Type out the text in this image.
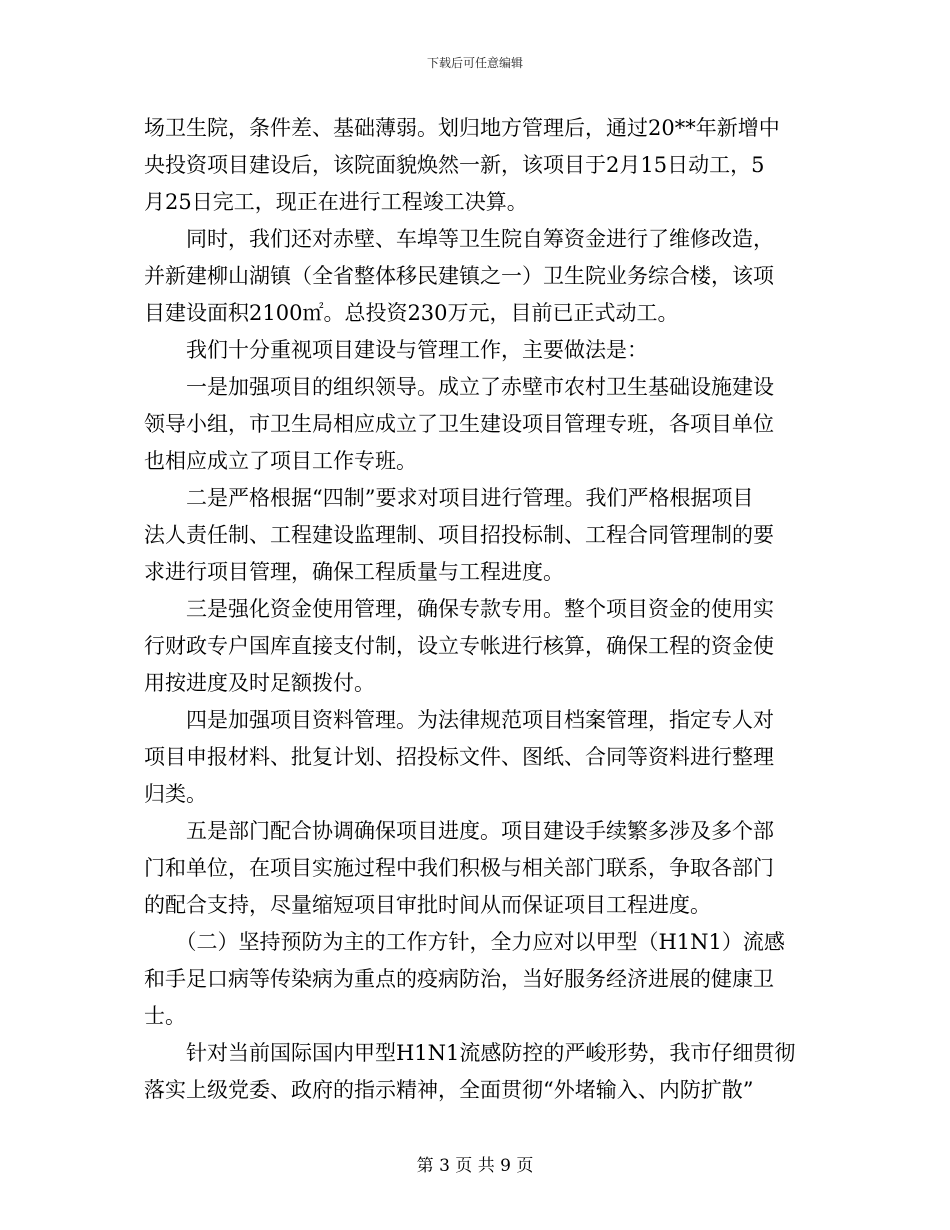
下载后可任意编辑
场卫生院，条件差、基础薄弱。划归地方管理后，通过20**年新增中
央投资项目建设后，该院面貌焕然一新，该项目于2月15日动工，5
月25日完工，现正在进行工程竣工决算。
　　同时，我们还对赤壁、车埠等卫生院自筹资金进行了维修改造，
并新建柳山湖镇（全省整体移民建镇之一）卫生院业务综合楼，该项
目建设面积2100㎡。总投资230万元，目前已正式动工。
　　我们十分重视项目建设与管理工作，主要做法是：
　　一是加强项目的组织领导。成立了赤壁市农村卫生基础设施建设
领导小组，市卫生局相应成立了卫生建设项目管理专班，各项目单位
也相应成立了项目工作专班。
　　二是严格根据“四制”要求对项目进行管理。我们严格根据项目
法人责任制、工程建设监理制、项目招投标制、工程合同管理制的要
求进行项目管理，确保工程质量与工程进度。
　　三是强化资金使用管理，确保专款专用。整个项目资金的使用实
行财政专户国库直接支付制，设立专帐进行核算，确保工程的资金使
用按进度及时足额拨付。
　　四是加强项目资料管理。为法律规范项目档案管理，指定专人对
项目申报材料、批复计划、招投标文件、图纸、合同等资料进行整理
归类。
　　五是部门配合协调确保项目进度。项目建设手续繁多涉及多个部
门和单位，在项目实施过程中我们积极与相关部门联系，争取各部门
的配合支持，尽量缩短项目审批时间从而保证项目工程进度。
　　（二）坚持预防为主的工作方针，全力应对以甲型（H1N1）流感
和手足口病等传染病为重点的疫病防治，当好服务经济进展的健康卫
士。
　　针对当前国际国内甲型H1N1流感防控的严峻形势，我市仔细贯彻
落实上级党委、政府的指示精神，全面贯彻“外堵输入、内防扩散”
第 3 页 共 9 页
